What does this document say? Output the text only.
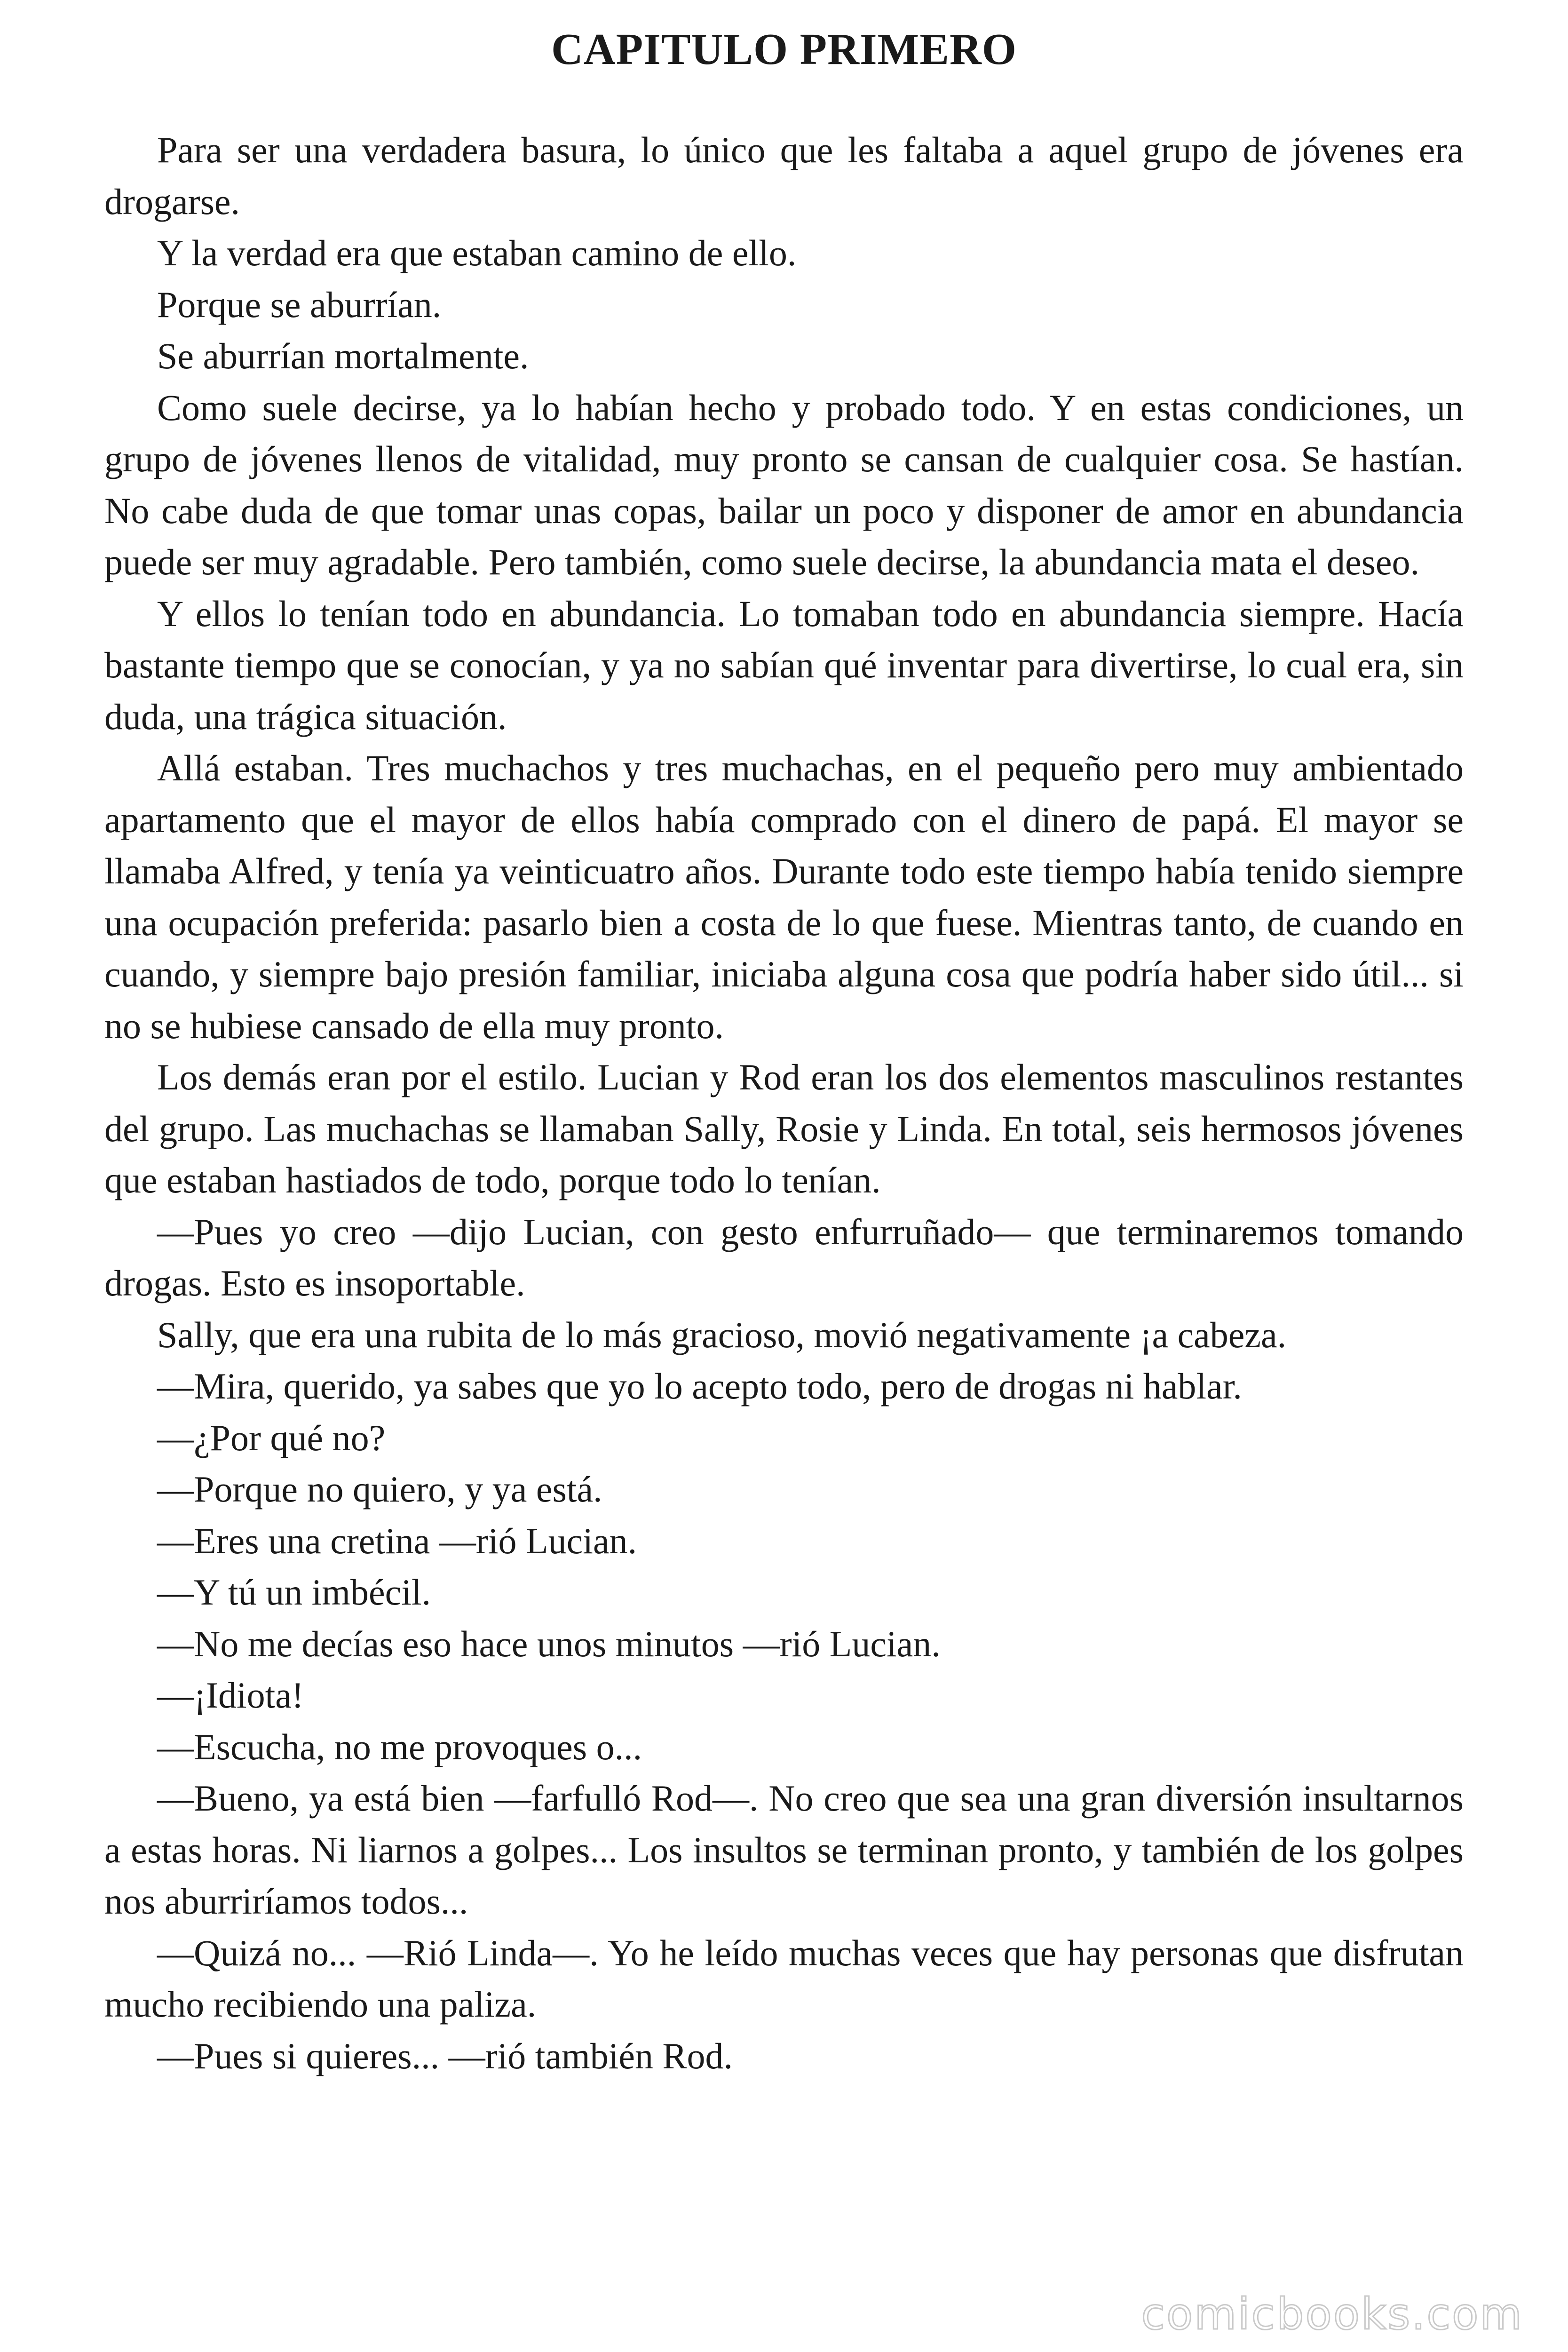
CAPITULO PRIMERO

Para ser una verdadera basura, lo único que les faltaba a aquel grupo de jóvenes era drogarse.

Y la verdad era que estaban camino de ello.

Porque se aburrían.

Se aburrían mortalmente.

Como suele decirse, ya lo habían hecho y probado todo. Y en estas condiciones, un grupo de jóvenes llenos de vitalidad, muy pronto se cansan de cualquier cosa. Se hastían. No cabe duda de que tomar unas copas, bailar un poco y disponer de amor en abundancia puede ser muy agradable. Pero también, como suele decirse, la abundancia mata el deseo.

Y ellos lo tenían todo en abundancia. Lo tomaban todo en abundancia siempre. Hacía bastante tiempo que se conocían, y ya no sabían qué inventar para divertirse, lo cual era, sin duda, una trágica situación.

Allá estaban. Tres muchachos y tres muchachas, en el pequeño pero muy ambientado apartamento que el mayor de ellos había comprado con el dinero de papá. El mayor se llamaba Alfred, y tenía ya veinticuatro años. Durante todo este tiempo había tenido siempre una ocupación preferida: pasarlo bien a costa de lo que fuese. Mientras tanto, de cuando en cuando, y siempre bajo presión familiar, iniciaba alguna cosa que podría haber sido útil... si no se hubiese cansado de ella muy pronto.

Los demás eran por el estilo. Lucian y Rod eran los dos elementos masculinos restantes del grupo. Las muchachas se llamaban Sally, Rosie y Linda. En total, seis hermosos jóvenes que estaban hastiados de todo, porque todo lo tenían.

—Pues yo creo —dijo Lucian, con gesto enfurruñado— que terminaremos tomando drogas. Esto es insoportable.

Sally, que era una rubita de lo más gracioso, movió negativamente ¡a cabeza.

—Mira, querido, ya sabes que yo lo acepto todo, pero de drogas ni hablar.

—¿Por qué no?

—Porque no quiero, y ya está.

—Eres una cretina —rió Lucian.

—Y tú un imbécil.

—No me decías eso hace unos minutos —rió Lucian.

—¡Idiota!

—Escucha, no me provoques o...

—Bueno, ya está bien —farfulló Rod—. No creo que sea una gran diversión insultarnos a estas horas. Ni liarnos a golpes... Los insultos se terminan pronto, y también de los golpes nos aburriríamos todos...

—Quizá no... —Rió Linda—. Yo he leído muchas veces que hay personas que disfrutan mucho recibiendo una paliza.

—Pues si quieres... —rió también Rod.

comicbooks.com
